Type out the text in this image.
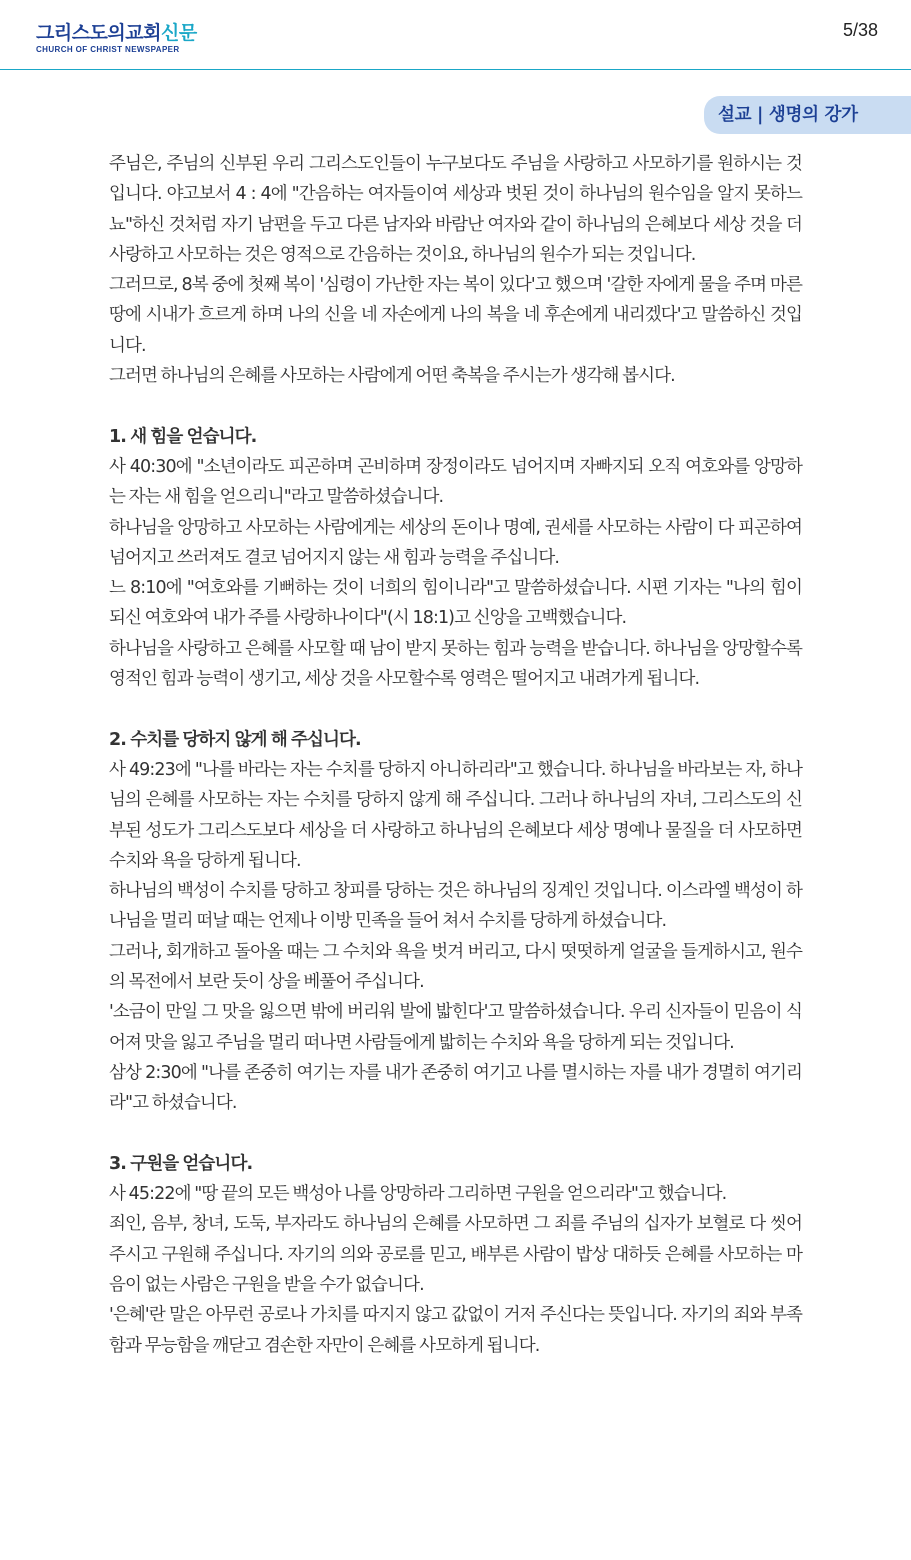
그리스도의교회신문
CHURCH OF CHRIST NEWSPAPER
5/38
설교 | 생명의 강가

주님은, 주님의 신부된 우리 그리스도인들이 누구보다도 주님을 사랑하고 사모하기를 원하시는 것입니다. 야고보서 4 : 4에 "간음하는 여자들이여 세상과 벗된 것이 하나님의 원수임을 알지 못하느뇨"하신 것처럼 자기 남편을 두고 다른 남자와 바람난 여자와 같이 하나님의 은혜보다 세상 것을 더 사랑하고 사모하는 것은 영적으로 간음하는 것이요, 하나님의 원수가 되는 것입니다.

그러므로, 8복 중에 첫째 복이 '심령이 가난한 자는 복이 있다'고 했으며 '갈한 자에게 물을 주며 마른 땅에 시내가 흐르게 하며 나의 신을 네 자손에게 나의 복을 네 후손에게 내리겠다'고 말씀하신 것입니다.

그러면 하나님의 은혜를 사모하는 사람에게 어떤 축복을 주시는가 생각해 봅시다.

1. 새 힘을 얻습니다.

사 40:30에 "소년이라도 피곤하며 곤비하며 장정이라도 넘어지며 자빠지되 오직 여호와를 앙망하는 자는 새 힘을 얻으리니"라고 말씀하셨습니다.

하나님을 앙망하고 사모하는 사람에게는 세상의 돈이나 명예, 권세를 사모하는 사람이 다 피곤하여 넘어지고 쓰러져도 결코 넘어지지 않는 새 힘과 능력을 주십니다.

느 8:10에 "여호와를 기뻐하는 것이 너희의 힘이니라"고 말씀하셨습니다. 시편 기자는 "나의 힘이 되신 여호와여 내가 주를 사랑하나이다"(시 18:1)고 신앙을 고백했습니다.

하나님을 사랑하고 은혜를 사모할 때 남이 받지 못하는 힘과 능력을 받습니다. 하나님을 앙망할수록 영적인 힘과 능력이 생기고, 세상 것을 사모할수록 영력은 떨어지고 내려가게 됩니다.

2. 수치를 당하지 않게 해 주십니다.

사 49:23에 "나를 바라는 자는 수치를 당하지 아니하리라"고 했습니다. 하나님을 바라보는 자, 하나님의 은혜를 사모하는 자는 수치를 당하지 않게 해 주십니다. 그러나 하나님의 자녀, 그리스도의 신부된 성도가 그리스도보다 세상을 더 사랑하고 하나님의 은혜보다 세상 명예나 물질을 더 사모하면 수치와 욕을 당하게 됩니다.

하나님의 백성이 수치를 당하고 창피를 당하는 것은 하나님의 징계인 것입니다. 이스라엘 백성이 하나님을 멀리 떠날 때는 언제나 이방 민족을 들어 쳐서 수치를 당하게 하셨습니다.

그러나, 회개하고 돌아올 때는 그 수치와 욕을 벗겨 버리고, 다시 떳떳하게 얼굴을 들게하시고, 원수의 목전에서 보란 듯이 상을 베풀어 주십니다.

'소금이 만일 그 맛을 잃으면 밖에 버리워 발에 밟힌다'고 말씀하셨습니다. 우리 신자들이 믿음이 식어져 맛을 잃고 주님을 멀리 떠나면 사람들에게 밟히는 수치와 욕을 당하게 되는 것입니다.

삼상 2:30에 "나를 존중히 여기는 자를 내가 존중히 여기고 나를 멸시하는 자를 내가 경멸히 여기리라"고 하셨습니다.

3. 구원을 얻습니다.

사 45:22에 "땅 끝의 모든 백성아 나를 앙망하라 그리하면 구원을 얻으리라"고 했습니다.

죄인, 음부, 창녀, 도둑, 부자라도 하나님의 은혜를 사모하면 그 죄를 주님의 십자가 보혈로 다 씻어 주시고 구원해 주십니다. 자기의 의와 공로를 믿고, 배부른 사람이 밥상 대하듯 은혜를 사모하는 마음이 없는 사람은 구원을 받을 수가 없습니다.

'은혜'란 말은 아무런 공로나 가치를 따지지 않고 값없이 거저 주신다는 뜻입니다. 자기의 죄와 부족함과 무능함을 깨닫고 겸손한 자만이 은혜를 사모하게 됩니다.
